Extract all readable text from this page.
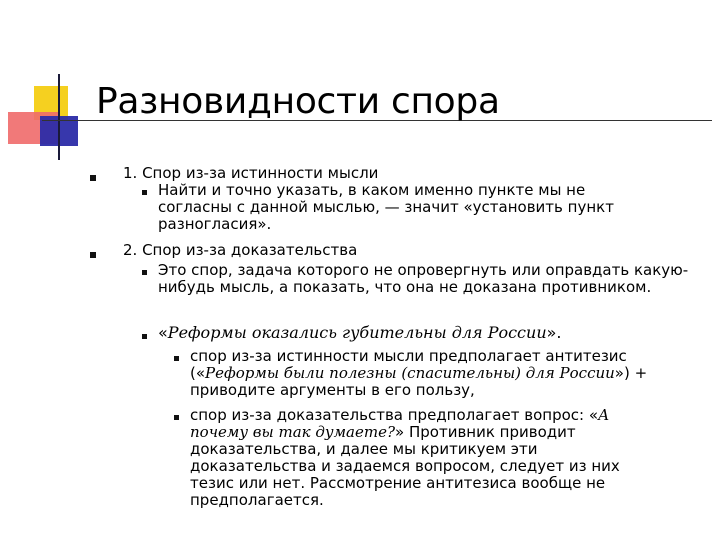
Разновидности спора
1. Спор из-за истинности мысли
Найти и точно указать, в каком именно пункте мы не согласны с данной мыслью, — значит «установить пункт разногласия».
2. Спор из-за доказательства
Это спор, задача которого не опровергнуть или оправдать какую-нибудь мысль, а показать, что она не доказана противником.
«Реформы оказались губительны для России».
спор из-за истинности мысли предполагает антитезис («Реформы были полезны (спасительны) для России») + приводите аргументы в его пользу,
спор из-за доказательства предполагает вопрос: «А почему вы так думаете?» Противник приводит доказательства, и далее мы критикуем эти доказательства и задаемся вопросом, следует из них тезис или нет. Рассмотрение антитезиса вообще не предполагается.
